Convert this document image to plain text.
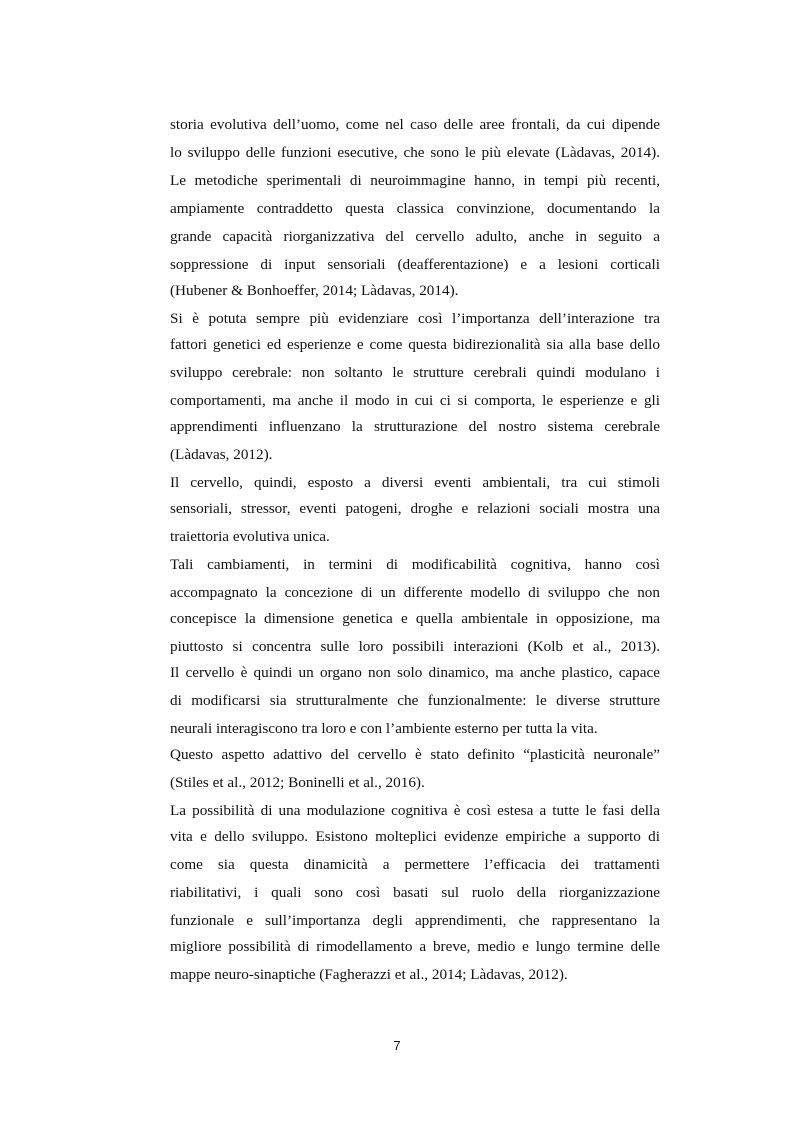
storia evolutiva dell’uomo, come nel caso delle aree frontali, da cui dipende
lo sviluppo delle funzioni esecutive, che sono le più elevate (Làdavas, 2014).
Le metodiche sperimentali di neuroimmagine hanno, in tempi più recenti,
ampiamente contraddetto questa classica convinzione, documentando la
grande capacità riorganizzativa del cervello adulto, anche in seguito a
soppressione di input sensoriali (deafferentazione) e a lesioni corticali
(Hubener & Bonhoeffer, 2014; Làdavas, 2014).
Si è potuta sempre più evidenziare così l’importanza dell’interazione tra
fattori genetici ed esperienze e come questa bidirezionalità sia alla base dello
sviluppo cerebrale: non soltanto le strutture cerebrali quindi modulano i
comportamenti, ma anche il modo in cui ci si comporta, le esperienze e gli
apprendimenti influenzano la strutturazione del nostro sistema cerebrale
(Làdavas, 2012).
Il cervello, quindi, esposto a diversi eventi ambientali, tra cui stimoli
sensoriali, stressor, eventi patogeni, droghe e relazioni sociali mostra una
traiettoria evolutiva unica.
Tali cambiamenti, in termini di modificabilità cognitiva, hanno così
accompagnato la concezione di un differente modello di sviluppo che non
concepisce la dimensione genetica e quella ambientale in opposizione, ma
piuttosto si concentra sulle loro possibili interazioni (Kolb et al., 2013).
Il cervello è quindi un organo non solo dinamico, ma anche plastico, capace
di modificarsi sia strutturalmente che funzionalmente: le diverse strutture
neurali interagiscono tra loro e con l’ambiente esterno per tutta la vita.
Questo aspetto adattivo del cervello è stato definito “plasticità neuronale”
(Stiles et al., 2012; Boninelli et al., 2016).
La possibilità di una modulazione cognitiva è così estesa a tutte le fasi della
vita e dello sviluppo. Esistono molteplici evidenze empiriche a supporto di
come sia questa dinamicità a permettere l’efficacia dei trattamenti
riabilitativi, i quali sono così basati sul ruolo della riorganizzazione
funzionale e sull’importanza degli apprendimenti, che rappresentano la
migliore possibilità di rimodellamento a breve, medio e lungo termine delle
mappe neuro-sinaptiche (Fagherazzi et al., 2014; Làdavas, 2012).
7
